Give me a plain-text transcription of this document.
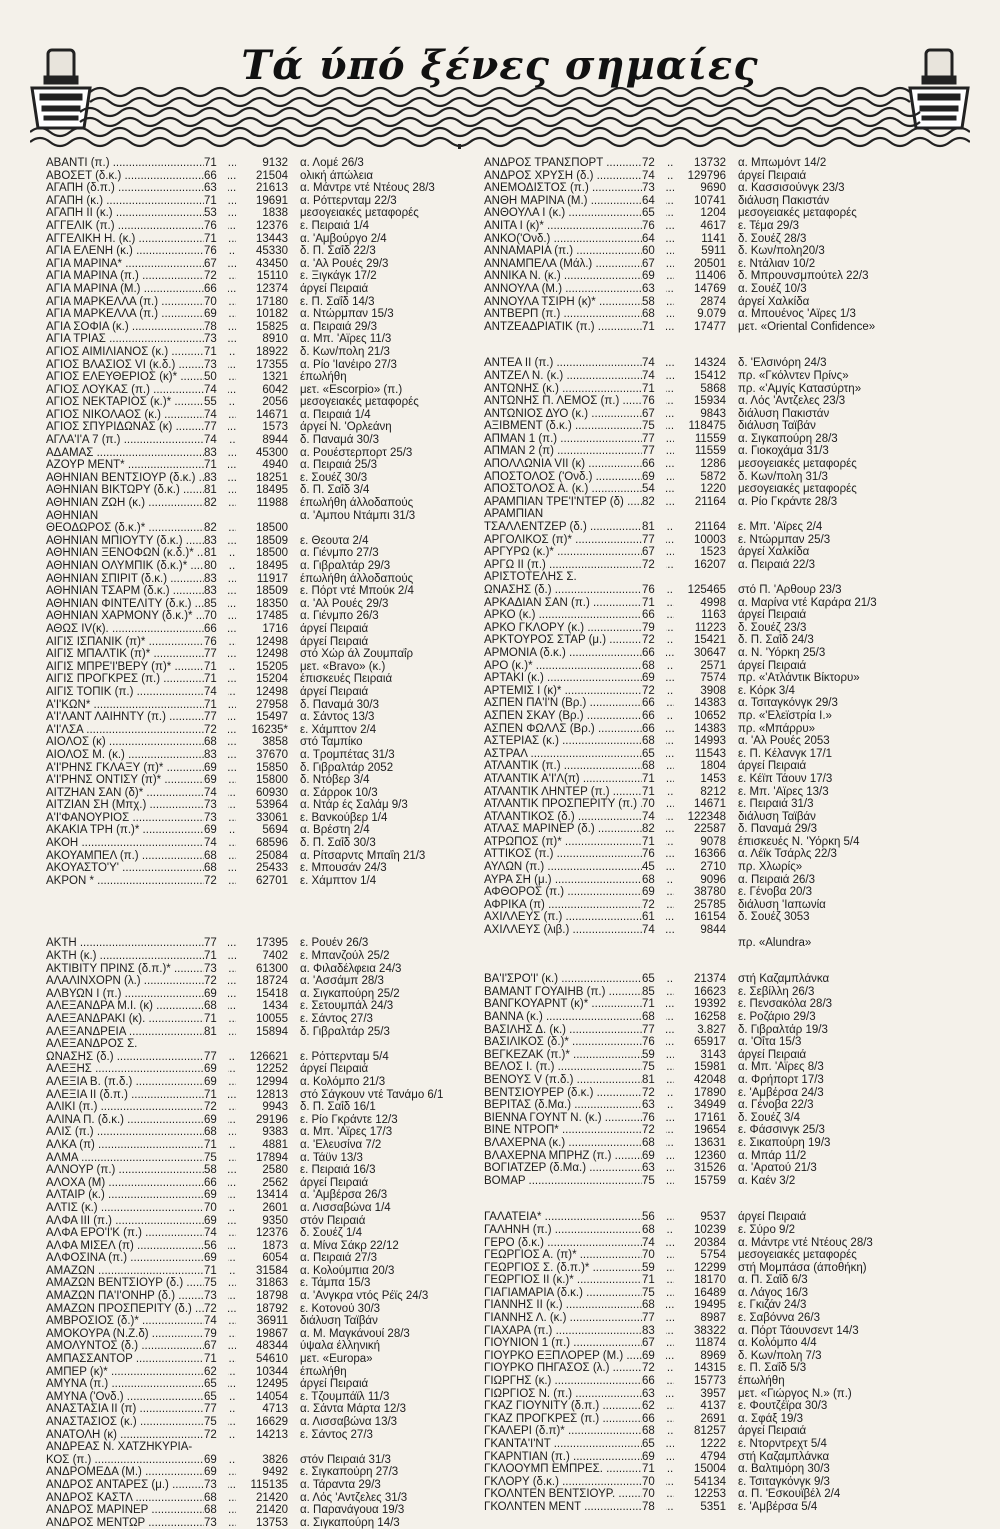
Τά ύπό ξένες σημαίες
ΑΒΑΝΤΙ (π.) .....	71	9132 α. Λομέ 26/3
ΑΒΟΣΕΤ (δ.κ.) .....	66	21504 ολική άπώλεια
ΑΓΑΠΗ (δ.π.) .....	63	21613 α. Μάντρε ντέ Ντέους 28/3
ΑΓΑΠΗ (κ.) .....	71	19691 α. Ρόττερνταμ 22/3
ΑΓΑΠΗ ΙΙ (κ.) .....	53	1838 μεσογειακές μεταφορές
ΑΓΓΕΛΙΚ (π.) .....	76	12376 ε. Πειραιά 1/4
ΑΓΓΕΛΙΚΗ Η. (κ.) .....	71	13443 α. 'Αμβούργο 2/4
ΑΓΙΑ ΕΛΕΝΗ (κ.) .....	76	45330 δ. Π. Σαΐδ 22/3
ΑΓΙΑ ΜΑΡΙΝΑ* .....	67	43450 α. 'Αλ Ρουές 29/3
ΑΓΙΑ ΜΑΡΙΝΑ (π.) .....	72	15110 ε. Ξιγκάγκ 17/2
ΑΓΙΑ ΜΑΡΙΝΑ (Μ.) .....	66	12374 άργεί Πειραιά
ΑΓΙΑ ΜΑΡΚΕΛΛΑ (π.) .....	70	17180 ε. Π. Σαΐδ 14/3
ΑΓΙΑ ΜΑΡΚΕΛΛΑ (π.) .....	69	10182 α. Ντώρμπαν 15/3
ΑΓΙΑ ΣΟΦΙΑ (κ.) .....	78	15825 α. Πειραιά 29/3
ΑΓΙΑ ΤΡΙΑΣ .....	73	8910 α. Μπ. 'Αϊρες 11/3
ΑΓΙΟΣ ΑΙΜΙΛΙΑΝΟΣ (κ.) .....	71	18922 δ. Κων/πολη 21/3
ΑΓΙΟΣ ΒΛΑΣΙΟΣ VI (κ.δ.) .....	73	17355 α. Ρίο 'Ιανέιρο 27/3
ΑΓΙΟΣ ΕΛΕΥΘΕΡΙΟΣ (κ)* .....	50	1321 έπωλήθη
ΑΓΙΟΣ ΛΟΥΚΑΣ (π.) .....	74	6042 μετ. «Escorpio» (π.)
ΑΓΙΟΣ ΝΕΚΤΑΡΙΟΣ (κ.)* .....	55	2056 μεσογειακές μεταφορές
ΑΓΙΟΣ ΝΙΚΟΛΑΟΣ (κ.) .....	74	14671 α. Πειραιά 1/4
ΑΓΙΟΣ ΣΠΥΡΙΔΩΝΑΣ (κ) .....	77	1573 άργεί Ν. 'Ορλεάνη
ΑΓΛΑ'Ι'Α 7 (π.) .....	74	8944 δ. Παναμά 30/3
ΑΔΑΜΑΣ .....	83	45300 α. Ρουέστερπορτ 25/3
ΑΖΟΥΡ ΜΕΝΤ* .....	71	4940 α. Πειραιά 25/3
ΑΘΗΝΙΑΝ ΒΕΝΤΣΙΟΥΡ (δ.κ.) ..... 83	18251 ε. Σουέζ 30/3
ΑΘΗΝΙΑΝ ΒΙΚΤΩΡΥ (δ.κ.) .....	81	18495 δ. Π. Σαΐδ 3/4
ΑΘΗΝΙΑΝ ΖΩΗ (κ.) .....	82	11988 έπωλήθη άλλοδαπούς
ΑΘΗΝΙΑΝ	α. 'Αμπου Ντάμπι 31/3
ΘΕΟΔΩΡΟΣ (δ.κ.)* .....	82	18500
ΑΘΗΝΙΑΝ ΜΠΙΟΥΤΥ (δ.κ.) .....	83	18509 ε. Θεουτα 2/4
ΑΘΗΝΙΑΝ ΞΕΝΟΦΩΝ (κ.δ.)* ..... 81	18500 α. Γιένμπο 27/3
ΑΘΗΝΙΑΝ ΟΛΥΜΠΙΚ (δ.κ.)* .....	80	18495 α. Γιβραλτάρ 29/3
ΑΘΗΝΙΑΝ ΣΠΙΡΙΤ (δ.κ.) .....	83	11917 έπωλήθη άλλοδαπούς
ΑΘΗΝΙΑΝ ΤΣΑΡΜ (δ.κ.) .....	83	18509 ε. Πόρτ ντέ Μπούκ 2/4
ΑΘΗΝΙΑΝ ΦΙΝΤΕΛΙΤΥ (δ.κ.) .....	85	18350 α. 'Αλ Ρουές 29/3
ΑΘΗΝΙΑΝ ΧΑΡΜΟΝΥ (δ.κ.)* ..... 70	17485 α. Γιένμπο 26/3
ΑΘΩΣ ΙV(κ). .....	66	1716 άργεί Πειραιά
ΑΙΓΙΣ ΙΣΠΑΝΙΚ (π)* .....	76	12498 άργεί Πειραιά
ΑΙΓΙΣ ΜΠΑΛΤΙΚ (π)* .....	77	12498 στό Χώρ άλ Ζουμπαΐρ
ΑΙΓΙΣ ΜΠΡΕ'Ι'ΒΕΡΥ (π)* .....	71	15205 μετ. «Bravo» (κ.)
ΑΙΓΙΣ ΠΡΟΓΚΡΕΣ (π.) .....	71	15204 έπισκευές Πειραιά
ΑΙΓΙΣ ΤΟΠΙΚ (π.) .....	74	12498 άργεί Πειραιά
Α'Ι'ΚΩΝ* .....	71	27958 δ. Παναμά 30/3
Α'Ι'ΛΑΝΤ ΛΑΙΗΝΤΥ (π.) .....	77	15497 α. Σάντος 13/3
Α'Ι'ΛΣΑ .....	72	16235* ε. Χάμπτον 2/4
ΑΙΟΛΟΣ (κ) .....	68	3858 στό Ταμπίκο
ΑΙΟΛΟΣ Μ. (κ.) .....	83	37670 α. Τρομπέτας 31/3
Α'Ι'ΡΗΝΣ ΓΚΛΑΞΥ (π)* .....	69	15850 δ. Γιβραλτάρ 2052
Α'Ι'ΡΗΝΣ ΟΝΤΙΣΥ (π)* .....	69	15800 δ. Ντόβερ 3/4
ΑΙΤΖΗΑΝ ΣΑΝ (δ)* .....	74	60930 α. Σάρροκ 10/3
ΑΙΤΖΙΑΝ ΣΗ (Μπχ.) .....	73	53964 α. Ντάρ ές Σαλάμ 9/3
Α'Ι'ΦΑΝΟΥΡΙΟΣ .....	73	33061 ε. Βανκούβερ 1/4
ΑΚΑΚΙΑ ΤΡΗ (π.)* .....	69	5694 α. Βρέστη 2/4
ΑΚΟΗ .....	74	68596 δ. Π. Σαΐδ 30/3
ΑΚΟΥΑΜΠΕΛ (π.) .....	68	25084 α. Ρίτσαρντς Μπαΐη 21/3
ΑΚΟΥΑΣΤΟ'Υ' .....	68	25433 ε. Μπουσάν 24/3
ΑΚΡΟΝ * .....	72	62701 ε. Χάμπτον 1/4
ΑΚΤΗ .....	77	17395 ε. Ρουέν 26/3
ΑΚΤΗ (κ.) .....	71	7402 ε. Μπανζούλ 25/2
ΑΚΤΙΒΙΤΥ ΠΡΙΝΣ (δ.π.)* .....	73	61300 α. Φιλαδέλφεια 24/3
ΑΛΑΛΙΝΧΟΡΝ (λ.) .....	72	18724 α. 'Ασσάμπ 28/3
ΑΛΒΥΩΝ Ι (π.) .....	69	15418 α. Σιγκαπούρη 25/2
ΑΛΕΞΑΝΔΡΑ Μ.Ι. (κ) .....	68	1434 ε. Σετουμπάλ 24/3
ΑΛΕΞΑΝΔΡΑΚΙ (κ). .....	71	10055 ε. Σάντος 27/3
ΑΛΕΞΑΝΔΡΕΙΑ .....	81	15894 δ. Γιβραλτάρ 25/3
ΑΛΕΞΑΝΔΡΟΣ Σ.
ΩΝΑΣΗΣ (δ.) .....	77	126621 ε. Ρόττερνταμ 5/4
ΑΛΕΞΗΣ .....	69	12252 άργεί Πειραιά
ΑΛΕΞΙΑ Β. (π.δ.) .....	69	12994 α. Κολόμπο 21/3
ΑΛΕΞΙΑ ΙΙ (δ.π.) .....	71	12813 στό Σάγκουν ντέ Τανάμο 6/1
ΑΛΙΚΙ (π.) .....	72	9943 δ. Π. Σαΐδ 16/1
ΑΛΙΝΑ Π. (δ.κ.) .....	69	29196 ε. Ρίο Γκράντε 12/3
ΑΛΙΣ (π.) .....	68	9383 α. Μπ. 'Αϊρες 17/3
ΑΛΚΑ (π) .....	71	4881 α. 'Ελευσίνα 7/2
ΑΛΜΑ .....	75	17894 α. Τάϋν 13/3
ΑΛΝΟΥΡ (π.) .....	58	2580 ε. Πειραιά 16/3
ΑΛΟΧΑ (Μ) .....	66	2562 άργεί Πειραιά
ΑΛΤΑΙΡ (κ.) .....	69	13414 α. 'Αμβέρσα 26/3
ΑΛΤΙΣ (κ.) .....	70	2601 α. Λισσαβώνα 1/4
ΑΛΦΑ ΙΙΙ (π.) .....	69	9350 στόν Πειραιά
ΑΛΦΑ ΕΡΟ'Ι'Κ (π.) .....	74	12376 δ. Σουέζ 1/4
ΑΛΦΑ ΜΙΣΕΛ (π) .....	56	1873 α. Μίνα Σάκρ 22/12
ΑΛΦΟΣΙΝΑ (π.) .....	69	6054 α. Πειραιά 27/3
ΑΜΑΖΩΝ .....	71	31584 α. Κολούμπια 20/3
ΑΜΑΖΩΝ ΒΕΝΤΣΙΟΥΡ (δ.) .....	75	31863 ε. Τάμπα 15/3
ΑΜΑΖΩΝ ΠΑ'Ι'ΟΝΗΡ (δ.) .....	73	18798 α. 'Ανγκρα ντός Ρέϊς 24/3
ΑΜΑΖΩΝ ΠΡΟΣΠΕΡΙΤΥ (δ.) .....	72	18792 ε. Κοτονού 30/3
ΑΜΒΡΟΣΙΟΣ (δ.)* .....	74	36911 διάλυση Ταϊβάν
ΑΜΟΚΟΥΡΑ (Ν.Ζ.δ) .....	79	19867 α. Μ. Μαγκάνουί 28/3
ΑΜΟΛΥΝΤΟΣ (δ.) .....	67	48344 ύψαλα έλληνική
ΑΜΠΑΣΣΑΝΤΟΡ .....	71	54610 μετ. «Europa»
ΑΜΠΕΡ (κ)* .....	62	10344 έπωλήθη
ΑΜΥΝΑ (π.) .....	65	12495 άργεί Πειραιά
ΑΜΥΝΑ ('Ονδ.) .....	65	14054 ε. Τζουμπάϊλ 11/3
ΑΝΑΣΤΑΣΙΑ ΙΙ (π) .....	77	4713 α. Σάντα Μάρτα 12/3
ΑΝΑΣΤΑΣΙΟΣ (κ.) .....	75	16629 α. Λισσαβώνα 13/3
ΑΝΑΤΟΛΗ (κ) .....	72	14213 ε. Σάντος 27/3
ΑΝΔΡΕΑΣ Ν. ΧΑΤΖΗΚΥΡΙΑ-
ΚΟΣ (π.) .....	69	3826 στόν Πειραιά 31/3
ΑΝΔΡΟΜΕΔΑ (Μ.) .....	69	9492 ε. Σιγκαπούρη 27/3
ΑΝΔΡΟΣ ΑΝΤΑΡΕΣ (μ.) .....	73	115135 α. Τάραντα 29/3
ΑΝΔΡΟΣ ΚΑΣΤΛ .....	68	21420 α. Λός 'Αντζελες 31/3
ΑΝΔΡΟΣ ΜΑΡΙΝΕΡ .....	68	21420 α. Παρανάγουα 19/3
ΑΝΔΡΟΣ ΜΕΝΤΩΡ .....	73	13753 α. Σιγκαπούρη 14/3
ΑΝΔΡΟΣ ΤΡΑΝΣΠΟΡΤ .....	72	13732 α. Μπωμόντ 14/2
ΑΝΔΡΟΣ ΧΡΥΣΗ (δ.) .....	74	129796 άργεί Πειραιά
ΑΝΕΜΟΔΙΣΤΟΣ (π.) .....	73	9690 α. Κασσισούνγκ 23/3
ΑΝΘΗ ΜΑΡΙΝΑ (Μ.) .....	64	10741 διάλυση Πακιστάν
ΑΝΘΟΥΛΑ Ι (κ.) .....	65	1204 μεσογειακές μεταφορές
ΑΝΙΤΑ Ι (κ)* .....	76	4617 ε. Τέμα 29/3
ΑΝΚΟ('Ονδ.) .....	64	1141 δ. Σουέζ 28/3
ΑΝΝΑΜΑΡΙΑ (π.) .....	60	5911 δ. Κων/πολη20/3
ΑΝΝΑΜΠΕΛΑ (Μάλ.) .....	67	20501 ε. Ντάλιαν 10/2
ΑΝΝΙΚΑ Ν. (κ.) .....	69	11406 δ. Μπρουνσμπούτελ 22/3
ΑΝΝΟΥΛΑ (Μ.) .....	63	14769 α. Σουέζ 10/3
ΑΝΝΟΥΛΑ ΤΣΙΡΗ (κ)* .....	58	2874 άργεί Χαλκίδα
ΑΝΤΒΕΡΠ (π.) .....	68	9.079 α. Μπουένος 'Αϊρες 1/3
ΑΝΤΖΕΑΔΡΙΑΤΙΚ (π.) .....	71	17477 μετ. «Oriental Confidence»
ΑΝΤΕΑ ΙΙ (π.) .....	74	14324 δ. 'Ελσινόρη 24/3
ΑΝΤΖΕΛ Ν. (κ.) .....	74	15412 πρ. «Γκόλντεν Πρίνς»
ΑΝΤΩΝΗΣ (κ.) .....	71	5868 πρ. «'Αμγίς Κατασύρτη»
ΑΝΤΩΝΗΣ Π. ΛΕΜΟΣ (π.) .....	76	15934 α. Λός 'Αντζελες 23/3
ΑΝΤΩΝΙΟΣ ΔΥΟ (κ.) .....	67	9843 διάλυση Πακιστάν
ΑΞΙΒΜΕΝΤ (δ.κ.) .....	75	118475 διάλυση Ταϊβάν
ΑΠΜΑΝ 1 (π.) .....	77	11559 α. Σιγκαπούρη 28/3
ΑΠΜΑΝ 2 (π) .....	77	11559 α. Γιοκοχάμα 31/3
ΑΠΟΛΛΩΝΙΑ VΙΙ (κ) .....	66	1286 μεσογειακές μεταφορές
ΑΠΟΣΤΟΛΟΣ ('Ονδ.) .....	69	5872 δ. Κων/πολη 31/3
ΑΠΟΣΤΟΛΟΣ Α. (κ.) .....	54	1220 μεσογειακές μεταφορές
ΑΡΑΜΠΙΑΝ ΤΡΕ'Ι'ΝΤΕΡ (δ) .....	82	21164 α. Ρίο Γκράντε 28/3
ΑΡΑΜΠΙΑΝ
ΤΣΑΛΛΕΝΤΖΕΡ (δ.) .....	81	21164 ε. Μπ. 'Αϊρες 2/4
ΑΡΓΟΛΙΚΟΣ (π)* .....	77	10003 ε. Ντώρμπαν 25/3
ΑΡΓΥΡΩ (κ.)* .....	67	1523 άργεί Χαλκίδα
ΑΡΓΩ ΙΙ (π.) .....	72	16207 α. Πειραιά 22/3
ΑΡΙΣΤΟΤΕΛΗΣ Σ.
ΩΝΑΣΗΣ (δ.) .....	76	125465 στό Π. 'Αρθουρ 23/3
ΑΡΚΑΔΙΑΝ ΣΑΝ (π.) .....	71	4998 α. Μαρίνα ντέ Καράρα 21/3
ΑΡΚΟ (κ.) .....	66	1163 άργεί Πειραιά
ΑΡΚΟ ΓΚΛΟΡΥ (κ.) .....	79	11223 δ. Σουέζ 23/3
ΑΡΚΤΟΥΡΟΣ ΣΤΑΡ (μ.) .....	72	15421 δ. Π. Σαΐδ 24/3
ΑΡΜΟΝΙΑ (δ.κ.) .....	66	30647 α. Ν. 'Υόρκη 25/3
ΑΡΟ (κ.)* .....	68	2571 άργεί Πειραιά
ΑΡΤΑΚΙ (κ.) .....	69	7574 πρ. «'Ατλάντικ Βίκτορυ»
ΑΡΤΕΜΙΣ Ι (κ)* .....	72	3908 ε. Κόρκ 3/4
ΑΣΠΕΝ ΠΑ'Ι'Ν (Βρ.) .....	66	14383 α. Τσιταγκόνγκ 29/3
ΑΣΠΕΝ ΣΚΑΥ (Βρ.) .....	66	10652 πρ. «'Ελεϊστρία Ι.»
ΑΣΠΕΝ ΦΩΛΛΣ (Βρ.) .....	66	14383 πρ. «Μπάρρυ»
ΑΣΤΕΡΙΑΣ (κ.) .....	68	14993 α. 'Αλ Ρουές 2053
ΑΣΤΡΑΛ .....	65	11543 ε. Π. Κέλανγκ 17/1
ΑΤΛΑΝΤΙΚ (π.) .....	68	1804 άργεί Πειραιά
ΑΤΛΑΝΤΙΚ Α'Ι'Λ(π) .....	71	1453 ε. Κέϊπ Τάουν 17/3
ΑΤΛΑΝΤΙΚ ΛΗΝΤΕΡ (π.) .....	71	8212 ε. Μπ. 'Αϊρες 13/3
ΑΤΛΑΝΤΙΚ ΠΡΟΣΠΕΡΙΤΥ (π.) ..... 70	14671 ε. Πειραιά 31/3
ΑΤΛΑΝΤΙΚΟΣ (δ.) .....	74	122348 διάλυση Ταϊβάν
ΑΤΛΑΣ ΜΑΡΙΝΕΡ (δ.) .....	82	22587 δ. Παναμά 29/3
ΑΤΡΩΠΟΣ (π)* .....	71	9078 έπισκευές Ν. 'Υόρκη 5/4
ΑΤΤΙΚΟΣ (π.) .....	76	16366 α. Λέϊκ Τσάρλς 22/3
ΑΥΛΩΝ (π.) .....	45	2710 πρ. Χλωρίς»
ΑΥΡΑ ΣΗ (μ.) .....	68	9096 α. Πειραιά 26/3
ΑΦΘΟΡΟΣ (π.) .....	69	38780 ε. Γένοβα 20/3
ΑΦΡΙΚΑ (π) .....	72	25785 διάλυση 'Ιαπωνία
ΑΧΙΛΛΕΥΣ (π.) .....	61	16154 δ. Σουέζ 3053
ΑΧΙΛΛΕΥΣ (λιβ.) .....	74	9844
πρ. «Alundra»
ΒΑ'Ι'ΣΡΟ'Ι' (κ.) .....	65	21374 στή Καζαμπλάνκα
ΒΑΜΑΝΤ ΓΟΥΑΙΗΒ (π.) .....	85	16623 ε. Σεβίλλη 26/3
ΒΑΝΓΚΟΥΑΡΝΤ (κ)* .....	71	19392 ε. Πενσακόλα 28/3
ΒΑΝΝΑ (κ.) .....	68	16258 ε. Ροζάριο 29/3
ΒΑΣΙΛΗΣ Δ. (κ.) .....	77	3.827 δ. Γιβραλτάρ 19/3
ΒΑΣΙΛΙΚΟΣ (δ.)* .....	76	65917 α. 'Οΐτα 15/3
ΒΕΓΚΕΖΑΚ (π.)* .....	59	3143 άργεί Πειραιά
ΒΕΛΟΣ Ι. (π.) .....	75	15981 α. Μπ. 'Αϊρες 8/3
ΒΕΝΟΥΣ V (π.δ.) .....	81	42048 α. Φρήπορτ 17/3
ΒΕΝΤΣΙΟΥΡΕΡ (δ.κ.) .....	72	17890 ε. 'Αμβέρσα 24/3
ΒΕΡΙΤΑΣ (δ.Μα.) .....	63	34949 α. Γένοβα 22/3
ΒΙΕΝΝΑ ΓΟΥΝΤ Ν. (κ.) .....	76	17161 δ. Σουέζ 3/4
ΒΙΝΕ ΝΤΡΟΠ* .....	72	19654 ε. Φάσσινγκ 25/3
ΒΛΑΧΕΡΝΑ (κ.) .....	68	13631 ε. Σικαπούρη 19/3
ΒΛΑΧΕΡΝΑ ΜΠΡΗΖ (π.) .....	69	12360 α. Μπάρ 11/2
ΒΟΓΙΑΤΖΕΡ (δ.Μα.) .....	63	31526 α. 'Αρατού 21/3
ΒΟΜΑΡ .....	75	15759 α. Καέν 3/2
ΓΑΛΑΤΕΙΑ* .....	56	9537 άργεί Πειραιά
ΓΑΛΗΝΗ (π.) .....	68	10239 ε. Σύρο 9/2
ΓΕΡΟ (δ.κ.) .....	74	20384 α. Μάντρε ντέ Ντέους 28/3
ΓΕΩΡΓΙΟΣ Α. (π)* .....	70	5754 μεσογειακές μεταφορές
ΓΕΩΡΓΙΟΣ Σ. (δ.π.)* .....	59	12299 στή Μομπάσα (άποθήκη)
ΓΕΩΡΓΙΟΣ ΙΙ (κ.)* .....	71	18170 α. Π. Σαΐδ 6/3
ΓΙΑΓΙΑΜΑΡΙΑ (δ.κ.) .....	75	16489 α. Λάγος 16/3
ΓΙΑΝΝΗΣ ΙΙ (κ.) .....	68	19495 ε. Γκιζάν 24/3
ΓΙΑΝΝΗΣ Λ. (κ.) .....	77	8987 ε. Σαβόννα 26/3
ΓΙΑΧΑΡΑ (π.) .....	83	38322 α. Πόρτ Τάουνσεντ 14/3
ΓΙΟΥΝΙΟΝ 1 (π.) .....	67	11874 α. Κολόμπο 4/4
ΓΙΟΥΡΚΟ ΕΞΠΛΟΡΕΡ (Μ.) .....	69	8969 δ. Κων/πολη 7/3
ΓΙΟΥΡΚΟ ΠΗΓΑΣΟΣ (λ.) .....	72	14315 ε. Π. Σαΐδ 5/3
ΓΙΩΡΓΗΣ (κ.) .....	66	15773 έπωλήθη
ΓΙΩΡΓΙΟΣ Ν. (π.) .....	63	3957 μετ. «Γιώργος Ν.» (π.)
ΓΚΑΖ ΓΙΟΥΝΙΤΥ (δ.π.) .....	62	4137 ε. Φουτζέϊρα 30/3
ΓΚΑΖ ΠΡΟΓΚΡΕΣ (π.) .....	66	2691 α. Σφάξ 19/3
ΓΚΑΛΕΡΙ (δ.π)* .....	68	81257 άργεί Πειραιά
ΓΚΑΝΤΑ'Ι'ΝΤ .....	65	1222 ε. Ντορντρεχτ 5/4
ΓΚΑΡΝΤΙΑΝ (π.) .....	69	4794 στή Καζαμπλάνκα
ΓΚΛΟΟΥΜΠ ΕΜΠΡΕΣ. .....	71	15004 α. Βαλτιμόρη 30/3
ΓΚΛΟΡΥ (δ.κ.) .....	70	54134 ε. Τσιταγκόνγκ 9/3
ΓΚΟΛΝΤΕΝ ΒΕΝΤΣΙΟΥΡ. .....	70	12253 α. Π. 'Εσκουϊβέλ 2/4
ΓΚΟΛΝΤΕΝ ΜΕΝΤ .....	78	5351 ε. 'Αμβέρσα 5/4
